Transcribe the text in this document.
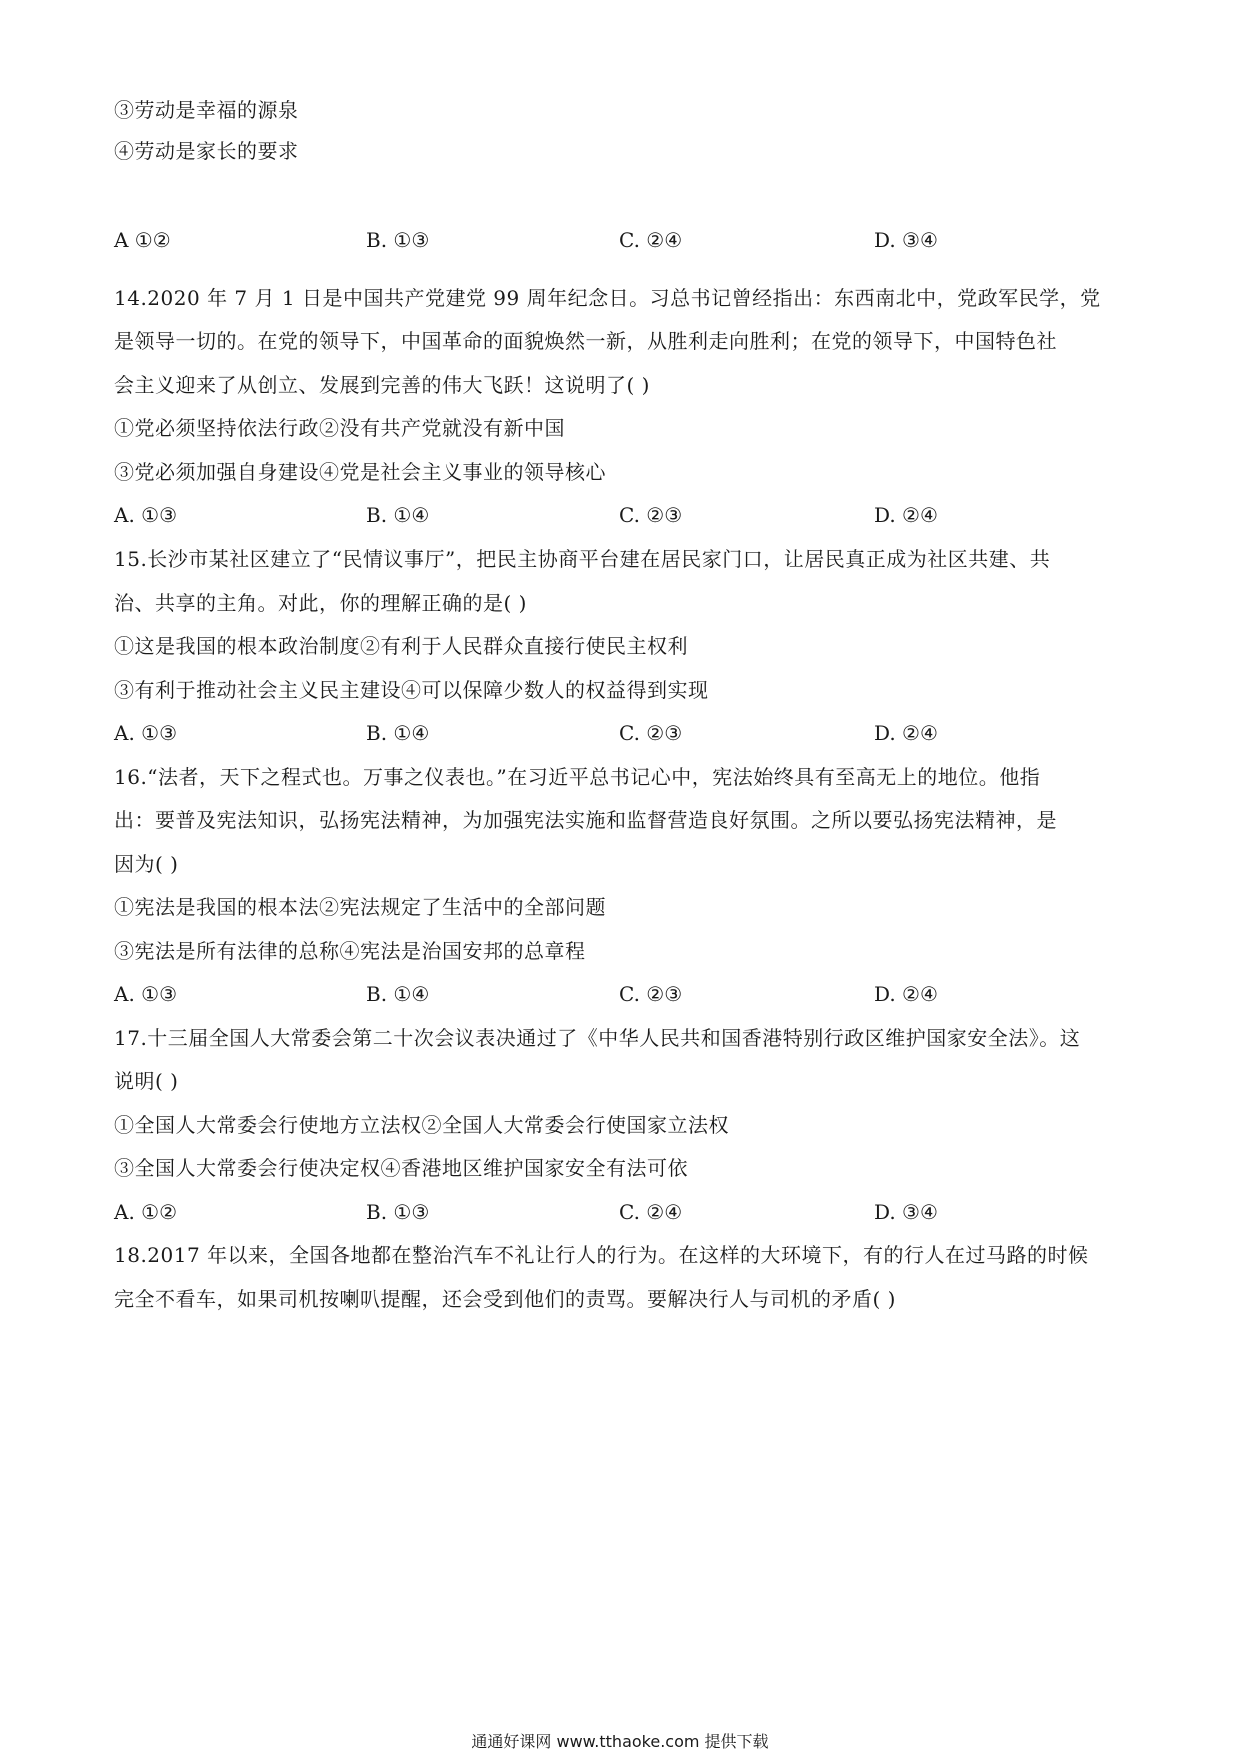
③劳动是幸福的源泉
④劳动是家长的要求
A ①②	B. ①③	C. ②④	D. ③④
14.2020 年 7 月 1 日是中国共产党建党 99 周年纪念日。习总书记曾经指出：东西南北中，党政军民学，党
是领导一切的。在党的领导下，中国革命的面貌焕然一新，从胜利走向胜利；在党的领导下，中国特色社
会主义迎来了从创立、发展到完善的伟大飞跃！这说明了( )
①党必须坚持依法行政②没有共产党就没有新中国
③党必须加强自身建设④党是社会主义事业的领导核心
A. ①③	B. ①④	C. ②③	D. ②④
15.长沙市某社区建立了“民情议事厅”，把民主协商平台建在居民家门口，让居民真正成为社区共建、共
治、共享的主角。对此，你的理解正确的是( )
①这是我国的根本政治制度②有利于人民群众直接行使民主权利
③有利于推动社会主义民主建设④可以保障少数人的权益得到实现
A. ①③	B. ①④	C. ②③	D. ②④
16.“法者，天下之程式也。万事之仪表也。”在习近平总书记心中，宪法始终具有至高无上的地位。他指
出：要普及宪法知识，弘扬宪法精神，为加强宪法实施和监督营造良好氛围。之所以要弘扬宪法精神，是
因为( )
①宪法是我国的根本法②宪法规定了生活中的全部问题
③宪法是所有法律的总称④宪法是治国安邦的总章程
A. ①③	B. ①④	C. ②③	D. ②④
17.十三届全国人大常委会第二十次会议表决通过了《中华人民共和国香港特别行政区维护国家安全法》。这
说明( )
①全国人大常委会行使地方立法权②全国人大常委会行使国家立法权
③全国人大常委会行使决定权④香港地区维护国家安全有法可依
A. ①②	B. ①③	C. ②④	D. ③④
18.2017 年以来，全国各地都在整治汽车不礼让行人的行为。在这样的大环境下，有的行人在过马路的时候
完全不看车，如果司机按喇叭提醒，还会受到他们的责骂。要解决行人与司机的矛盾( )
通通好课网 www.tthaoke.com 提供下载
